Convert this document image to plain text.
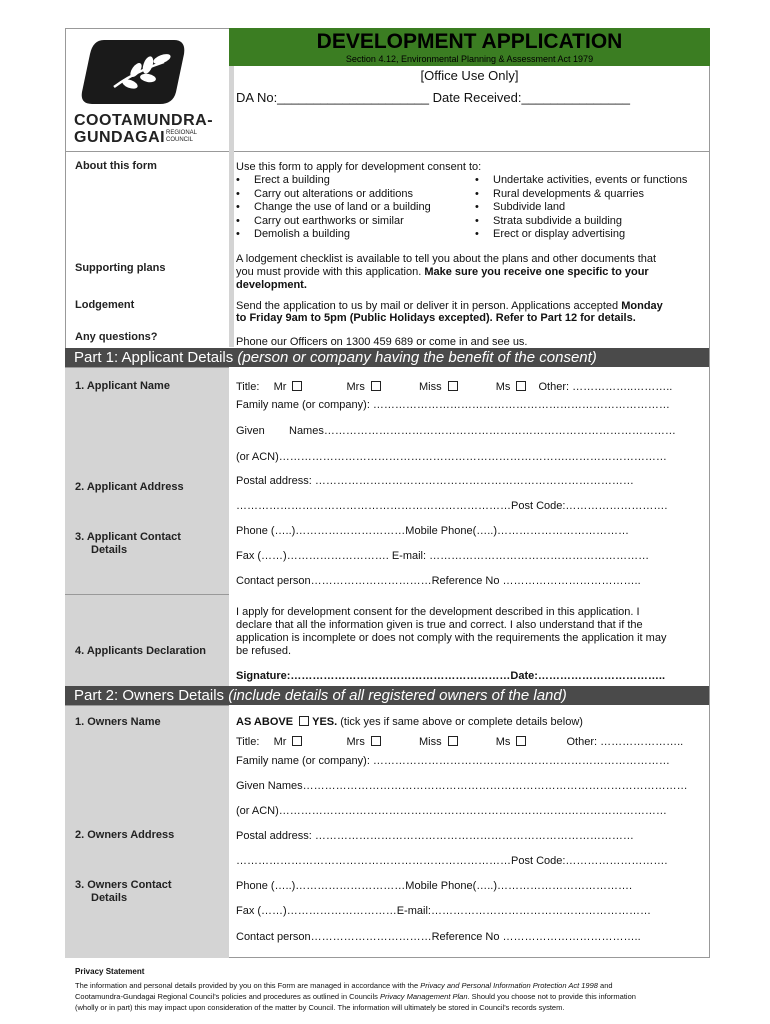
COOTAMUNDRA-
GUNDAGAI REGIONAL
COUNCIL
DEVELOPMENT APPLICATION
Section 4.12, Environmental Planning & Assessment Act 1979
[Office Use Only]
DA No:_____________________ Date Received:_______________
About this form	Use this form to apply for development consent to:
• Erect a building
• Carry out alterations or additions
• Change the use of land or a building
• Carry out earthworks or similar
• Demolish a building
• Undertake activities, events or functions
• Rural developments & quarries
• Subdivide land
• Strata subdivide a building
• Erect or display advertising
Supporting plans
A lodgement checklist is available to tell you about the plans and other documents that
you must provide with this application. Make sure you receive one specific to your
development.
Lodgement	Send the application to us by mail or deliver it in person. Applications accepted Monday
to Friday 9am to 5pm (Public Holidays excepted). Refer to Part 12 for details.
Any questions?	Phone our Officers on 1300 459 689 or come in and see us.
Part 1: Applicant Details (person or company having the benefit of the consent)
1. Applicant Name	Title: Mr	Mrs	Miss	Ms	Other: ……………..………..
Family name (or company): ………………………………………………………………………
Given Names……………………………………………………………………………………
(or ACN)…………………………………………………………………….………………………
2. Applicant Address	Postal address: ……………………………………………………………………………
…………………………………………………………………Post Code:……………………….
3. Applicant Contact
Details
Phone (…..)…………………………Mobile Phone(…..)………………………………
Fax (……)………………………. E-mail: ……………………………………………………
Contact person……………………………Reference No ………………………………..
4. Applicants Declaration
I apply for development consent for the development described in this application. I
declare that all the information given is true and correct. I also understand that if the
application is incomplete or does not comply with the requirements the application it may
be refused.
Signature:……………………………………………………Date:……………………………..
Part 2: Owners Details (include details of all registered owners of the land)
1. Owners Name	AS ABOVE YES. (tick yes if same above or complete details below)
Title: Mr	Mrs	Miss	Ms	Other: …………………..
Family name (or company): ………………………………………………………………………
Given Names……………………………………………………………………………………………
(or ACN)…………………………………………………………………….………………………
2. Owners Address	Postal address: ……………………………………………………………………………
…………………………………………………………………Post Code:……………………….
3. Owners Contact
Details
Phone (…..)…………………………Mobile Phone(…..)……………………………….
Fax (……)…………………………E-mail:……………………………………………………
Contact person……………………………Reference No ………………………………..
Privacy Statement
The information and personal details provided by you on this Form are managed in accordance with the Privacy and Personal Information Protection Act 1998 and
Cootamundra-Gundagai Regional Council's policies and procedures as outlined in Councils Privacy Management Plan. Should you choose not to provide this information
(wholly or in part) this may impact upon consideration of the matter by Council. The information will ultimately be stored in Council's records system.
